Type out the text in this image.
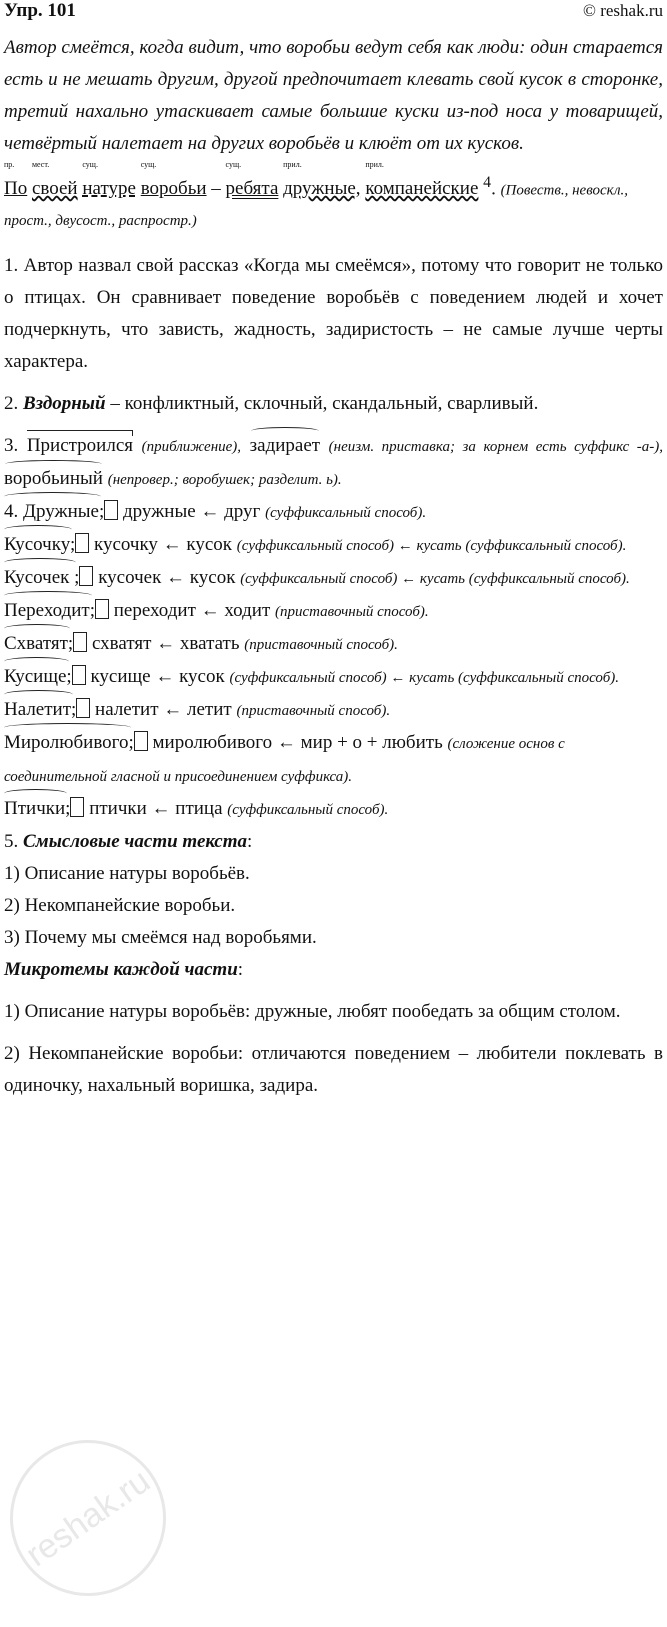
Упр. 101	© reshak.ru

Автор смеётся, когда видит, что воробьи ведут себя как люди: один старается есть и не мешать другим, другой предпочитает клевать свой кусок в сторонке, третий нахально утаскивает самые большие куски из-под носа у товарищей, четвёртый налетает на других воробьёв и клюёт от их кусков.

пр.
По
мест.
своей
сущ.
натуре
сущ.
воробьи –
сущ.
ребята
прил.
дружные,
прил.
компанейские $^4$. (Повеств., невоскл., прост., двусост., распростр.)

1. Автор назвал свой рассказ «Когда мы смеёмся», потому что говорит не только о птицах. Он сравнивает поведение воробьёв с поведением людей и хочет подчеркнуть, что зависть, жадность, задиристость – не самые лучше черты характера.

2. Вздорный – конфликтный, склочный, скандальный, сварливый.

3. Пристроился (приближение), задирает (неизм. приставка; за корнем есть суффикс -а-), воробьиный (непровер.; воробушек; разделит. ь).

4. Дружные; дружные ← друг (суффиксальный способ).

Кусочку; кусочку ← кусок (суффиксальный способ) ← кусать (суффиксальный способ).

Кусочек ; кусочек ← кусок (суффиксальный способ) ← кусать (суффиксальный способ).

Переходит; переходит ← ходит (приставочный способ).

Схватят; схватят ← хватать (приставочный способ).

Кусище; кусище ← кусок (суффиксальный способ) ← кусать (суффиксальный способ).

Налетит; налетит ← летит (приставочный способ).

Миролюбивого; миролюбивого ← мир + о + любить (сложение основ с соединительной гласной и присоединением суффикса).

Птички; птички ← птица (суффиксальный способ).

5. Смысловые части текста:

1) Описание натуры воробьёв.

2) Некомпанейские воробьи.

3) Почему мы смеёмся над воробьями.

Микротемы каждой части:

1) Описание натуры воробьёв: дружные, любят пообедать за общим столом.

2) Некомпанейские воробьи: отличаются поведением – любители поклевать в одиночку, нахальный воришка, задира.

reshak.ru
